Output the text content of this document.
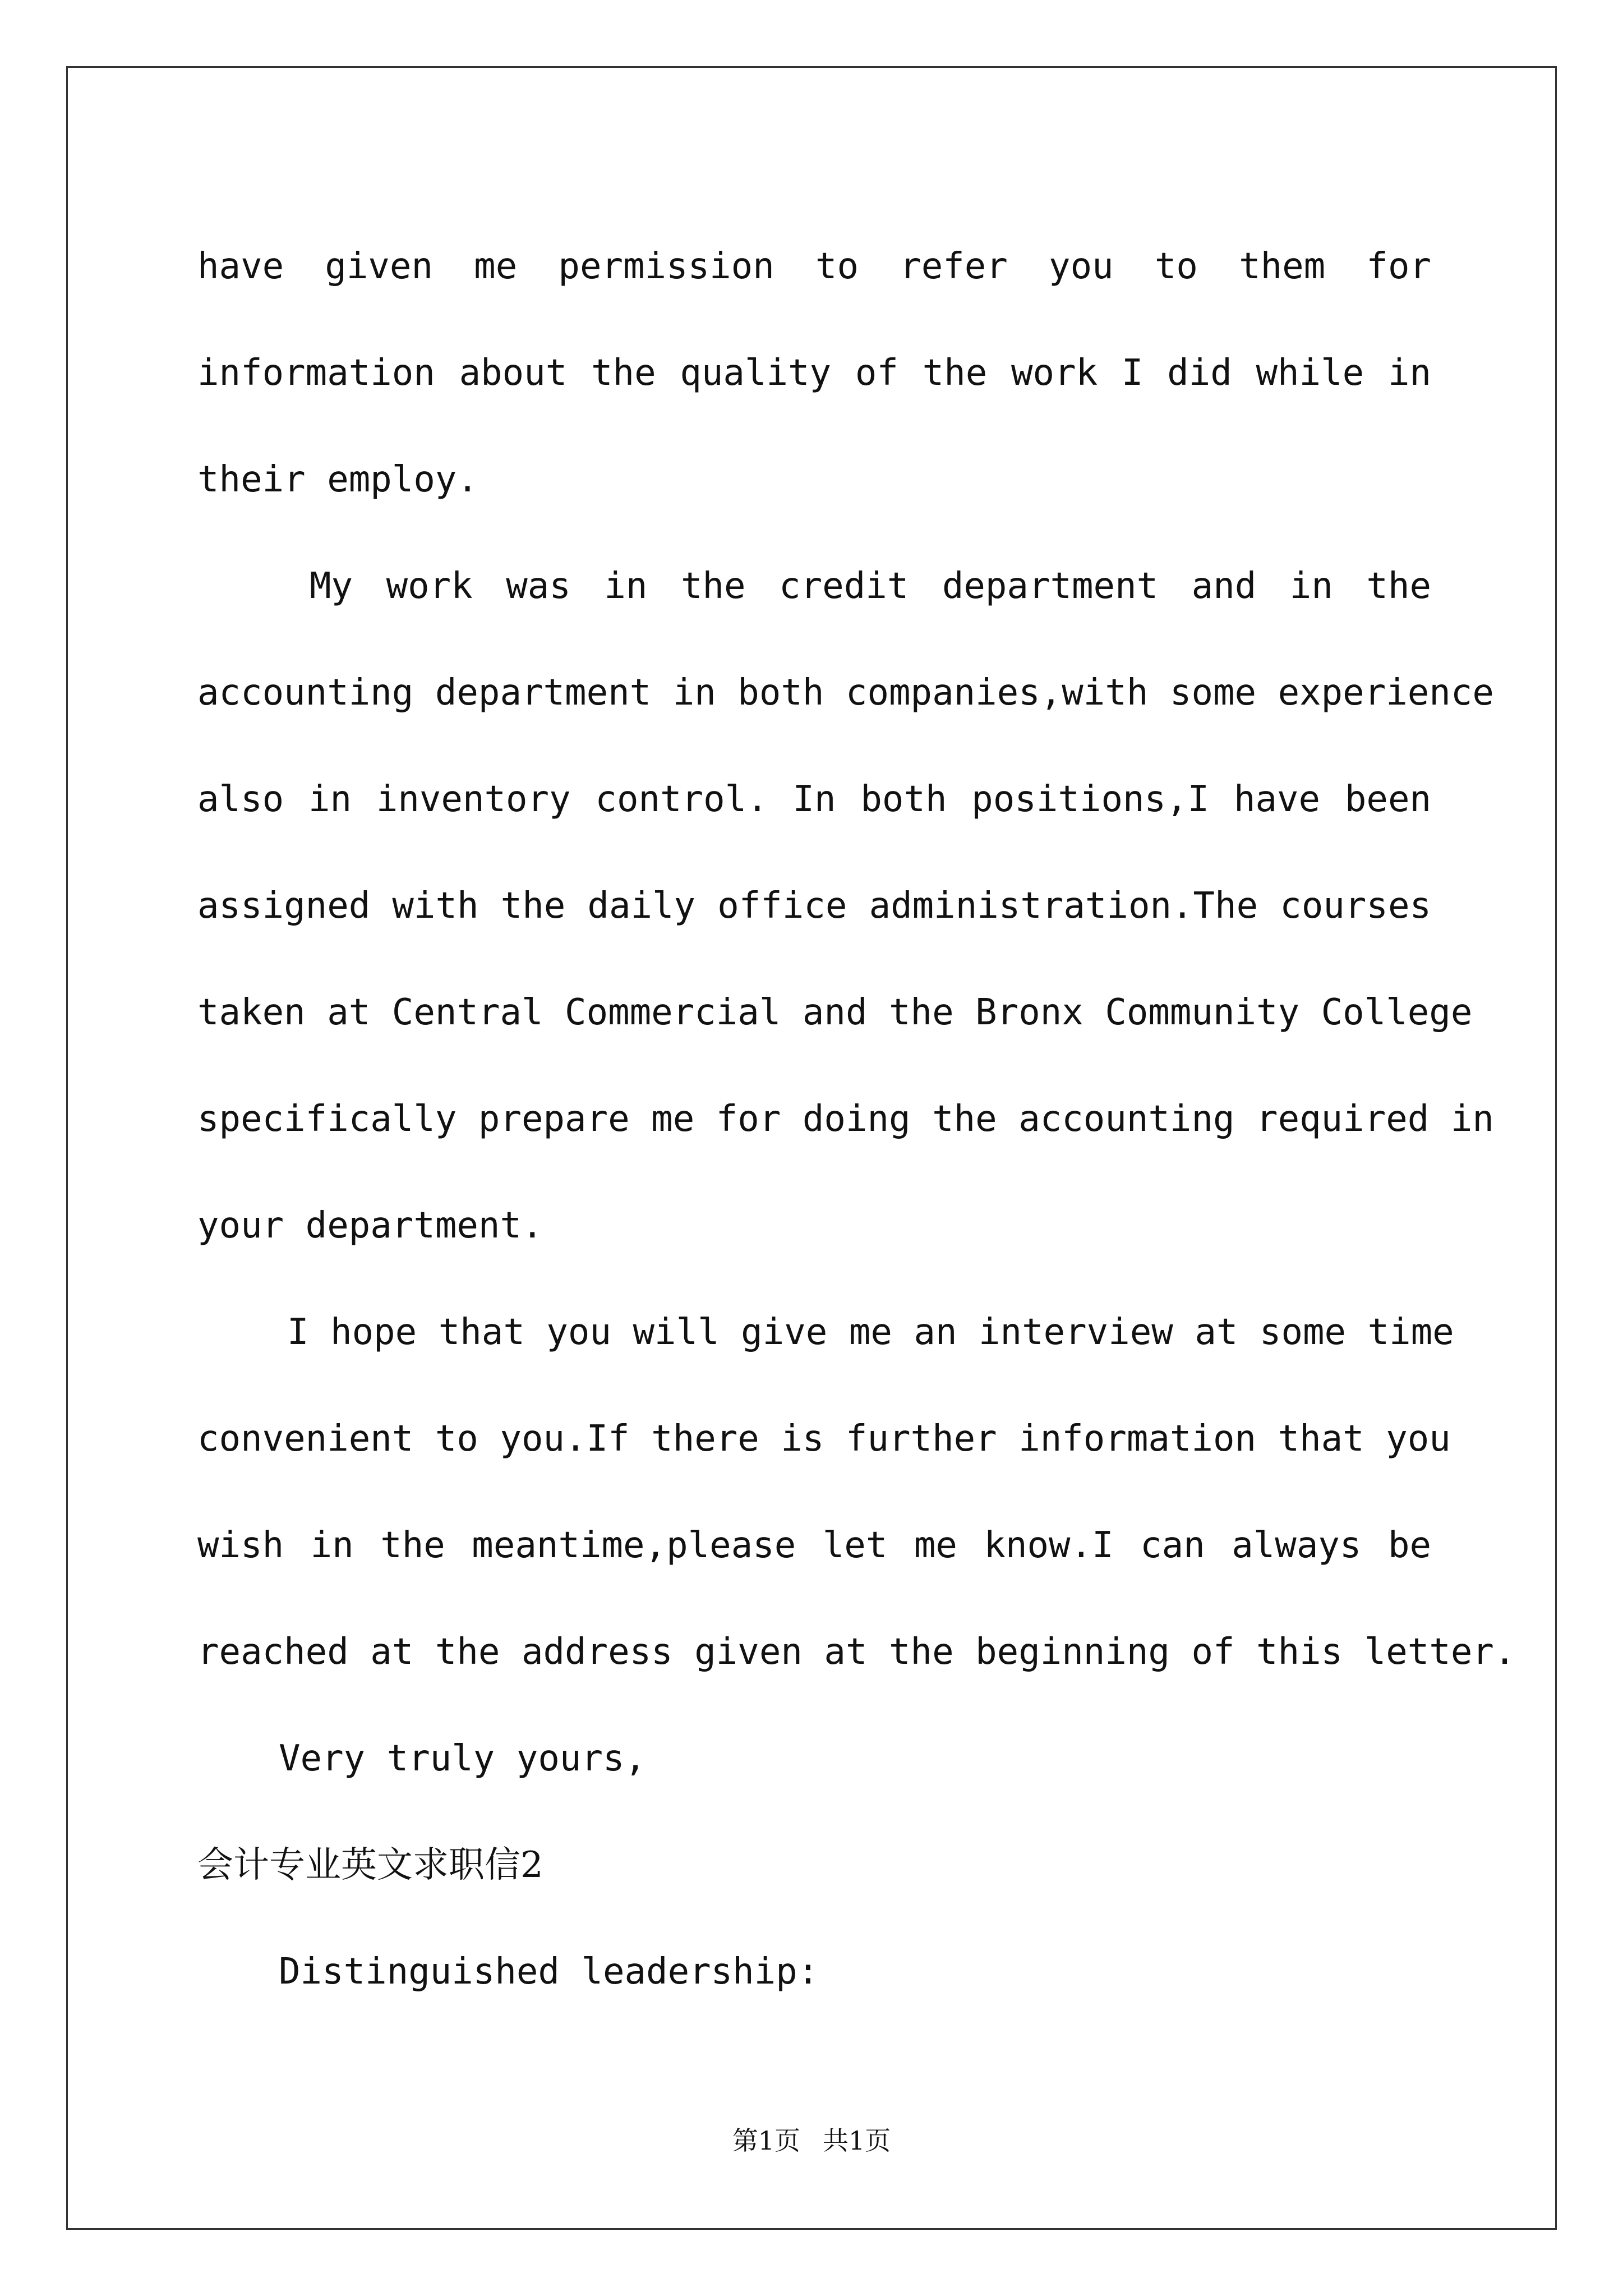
have given me permission to refer you to them for
information about the quality of the work I did while in
their employ.
My work was in the credit department and in the
accounting department in both companies,with some experience
also in inventory control. In both positions,I have been
assigned with the daily office administration.The courses
taken at Central Commercial and the Bronx Community College
specifically prepare me for doing the accounting required in
your department.
I hope that you will give me an interview at some time
convenient to you.If there is further information that you
wish in the meantime,please let me know.I can always be
reached at the address given at the beginning of this letter.
Very truly yours,
会计专业英文求职信2
Distinguished leadership:
第1页 共1页
